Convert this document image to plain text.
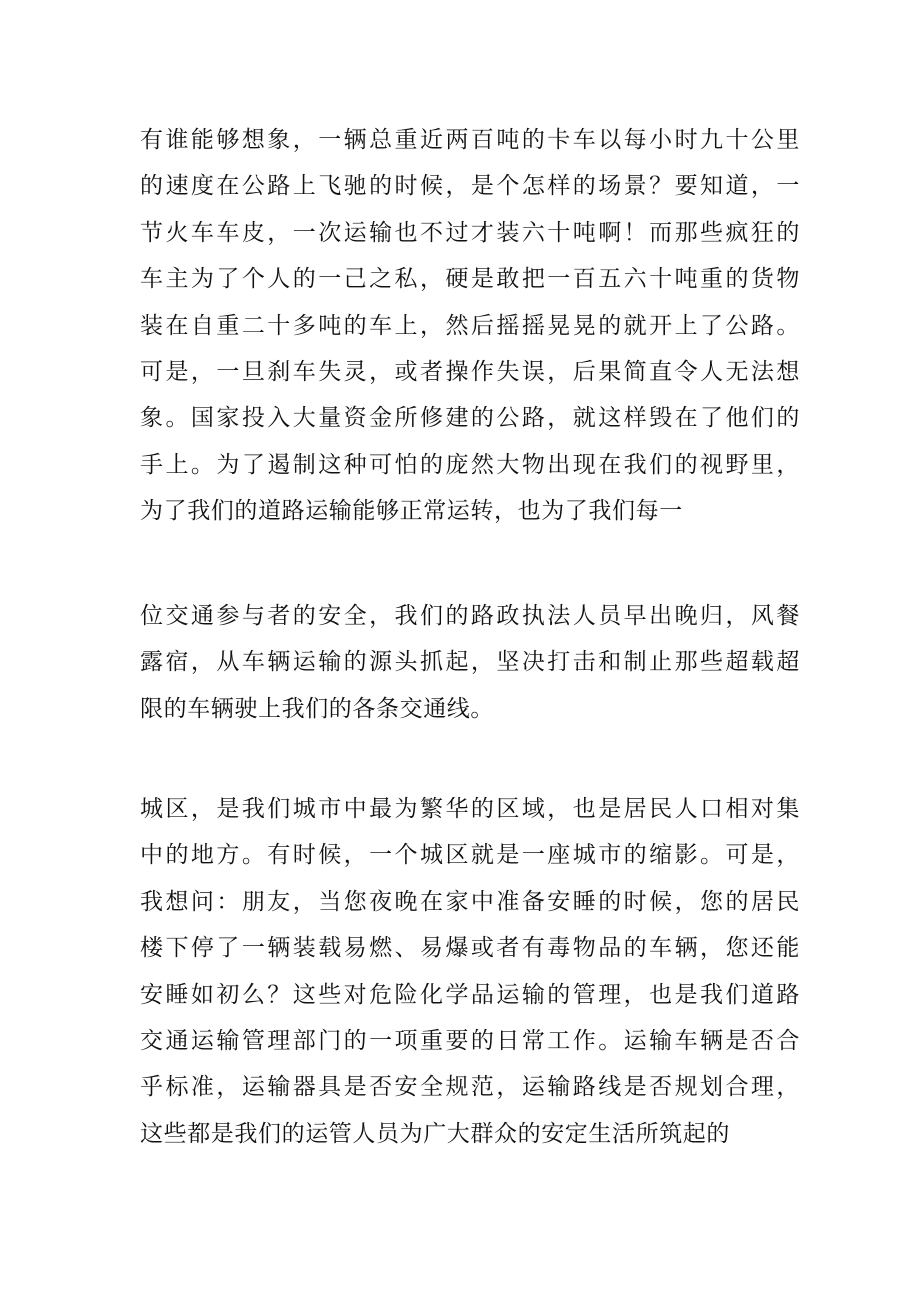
有谁能够想象，一辆总重近两百吨的卡车以每小时九十公里
的速度在公路上飞驰的时候，是个怎样的场景？要知道，一
节火车车皮，一次运输也不过才装六十吨啊！而那些疯狂的
车主为了个人的一己之私，硬是敢把一百五六十吨重的货物
装在自重二十多吨的车上，然后摇摇晃晃的就开上了公路。
可是，一旦刹车失灵，或者操作失误，后果简直令人无法想
象。国家投入大量资金所修建的公路，就这样毁在了他们的
手上。为了遏制这种可怕的庞然大物出现在我们的视野里，
为了我们的道路运输能够正常运转，也为了我们每一
位交通参与者的安全，我们的路政执法人员早出晚归，风餐
露宿，从车辆运输的源头抓起，坚决打击和制止那些超载超
限的车辆驶上我们的各条交通线。
城区，是我们城市中最为繁华的区域，也是居民人口相对集
中的地方。有时候，一个城区就是一座城市的缩影。可是，
我想问：朋友，当您夜晚在家中准备安睡的时候，您的居民
楼下停了一辆装载易燃、易爆或者有毒物品的车辆，您还能
安睡如初么？这些对危险化学品运输的管理，也是我们道路
交通运输管理部门的一项重要的日常工作。运输车辆是否合
乎标准，运输器具是否安全规范，运输路线是否规划合理，
这些都是我们的运管人员为广大群众的安定生活所筑起的
